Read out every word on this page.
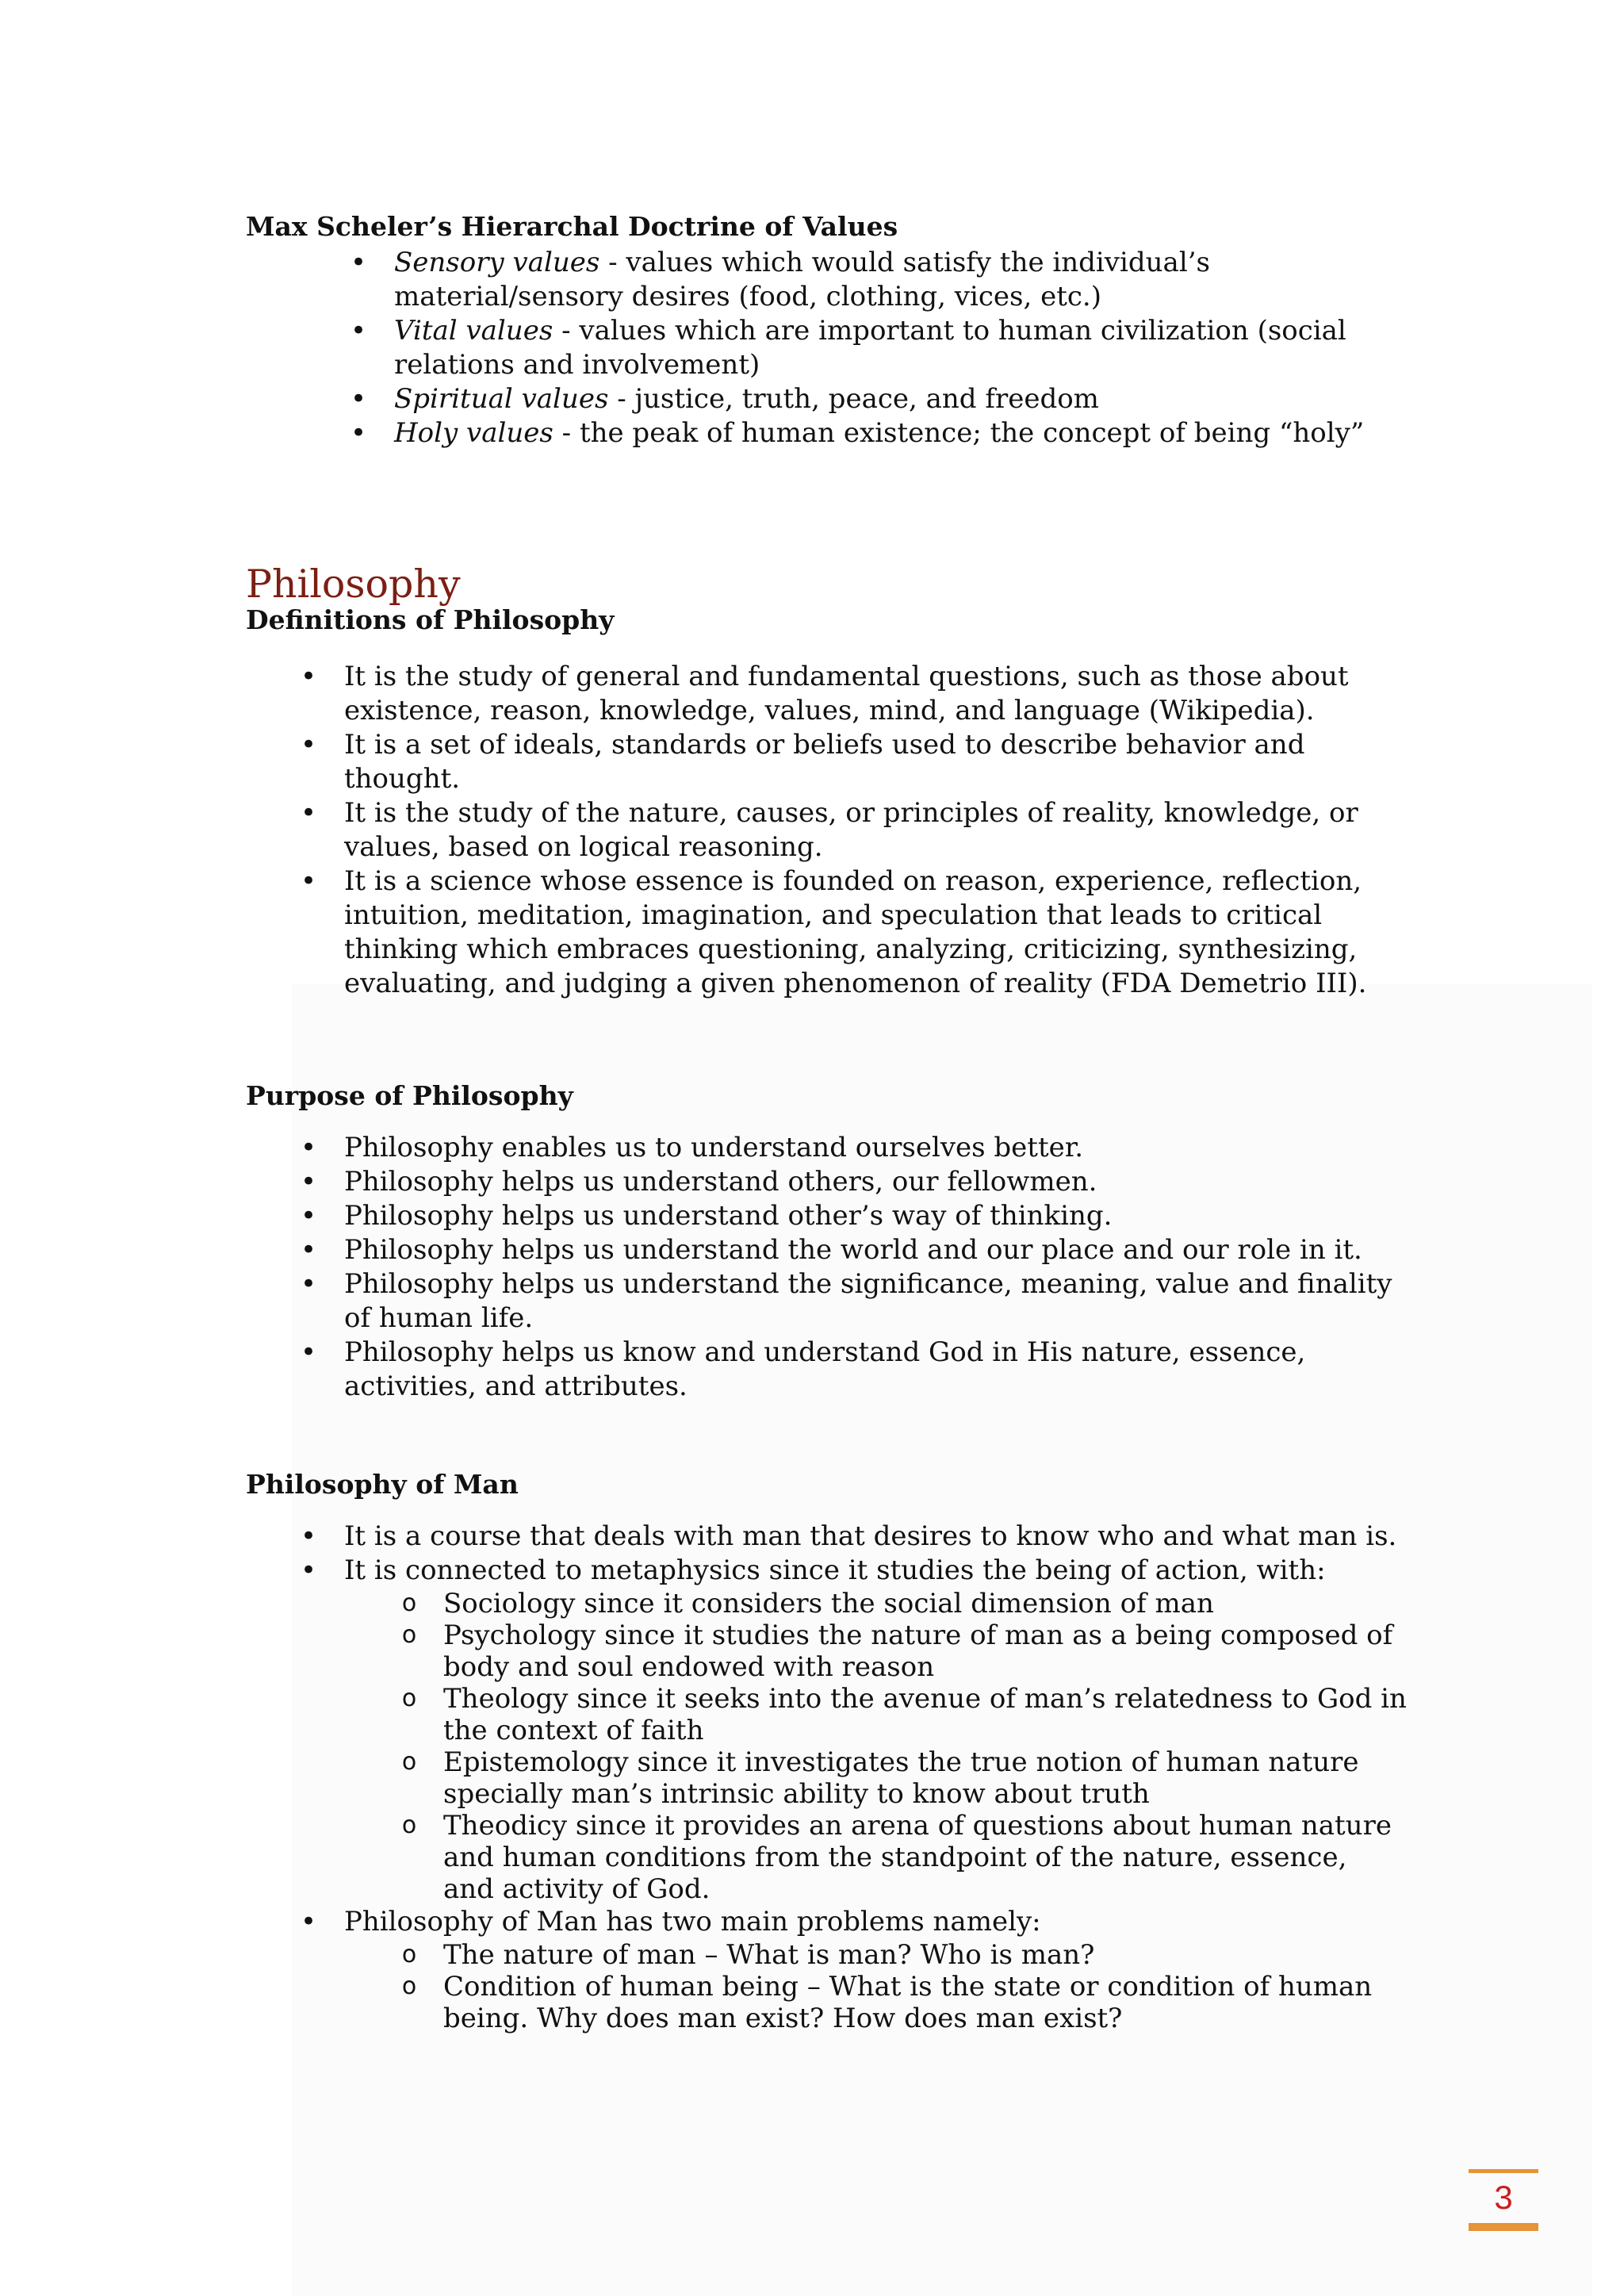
Max Scheler’s Hierarchal Doctrine of Values
• Sensory values - values which would satisfy the individual’s
material/sensory desires (food, clothing, vices, etc.)
• Vital values - values which are important to human civilization (social
relations and involvement)
• Spiritual values - justice, truth, peace, and freedom
• Holy values - the peak of human existence; the concept of being “holy”
Philosophy
Definitions of Philosophy
• It is the study of general and fundamental questions, such as those about
existence, reason, knowledge, values, mind, and language (Wikipedia).
• It is a set of ideals, standards or beliefs used to describe behavior and
thought.
• It is the study of the nature, causes, or principles of reality, knowledge, or
values, based on logical reasoning.
• It is a science whose essence is founded on reason, experience, reflection,
intuition, meditation, imagination, and speculation that leads to critical
thinking which embraces questioning, analyzing, criticizing, synthesizing,
evaluating, and judging a given phenomenon of reality (FDA Demetrio III).
Purpose of Philosophy
• Philosophy enables us to understand ourselves better.
• Philosophy helps us understand others, our fellowmen.
• Philosophy helps us understand other’s way of thinking.
• Philosophy helps us understand the world and our place and our role in it.
• Philosophy helps us understand the significance, meaning, value and finality
of human life.
• Philosophy helps us know and understand God in His nature, essence,
activities, and attributes.
Philosophy of Man
• It is a course that deals with man that desires to know who and what man is.
• It is connected to metaphysics since it studies the being of action, with:
o Sociology since it considers the social dimension of man
o Psychology since it studies the nature of man as a being composed of
body and soul endowed with reason
o Theology since it seeks into the avenue of man’s relatedness to God in
the context of faith
o Epistemology since it investigates the true notion of human nature
specially man’s intrinsic ability to know about truth
o Theodicy since it provides an arena of questions about human nature
and human conditions from the standpoint of the nature, essence,
and activity of God.
• Philosophy of Man has two main problems namely:
o The nature of man – What is man? Who is man?
o Condition of human being – What is the state or condition of human
being. Why does man exist? How does man exist?
3
